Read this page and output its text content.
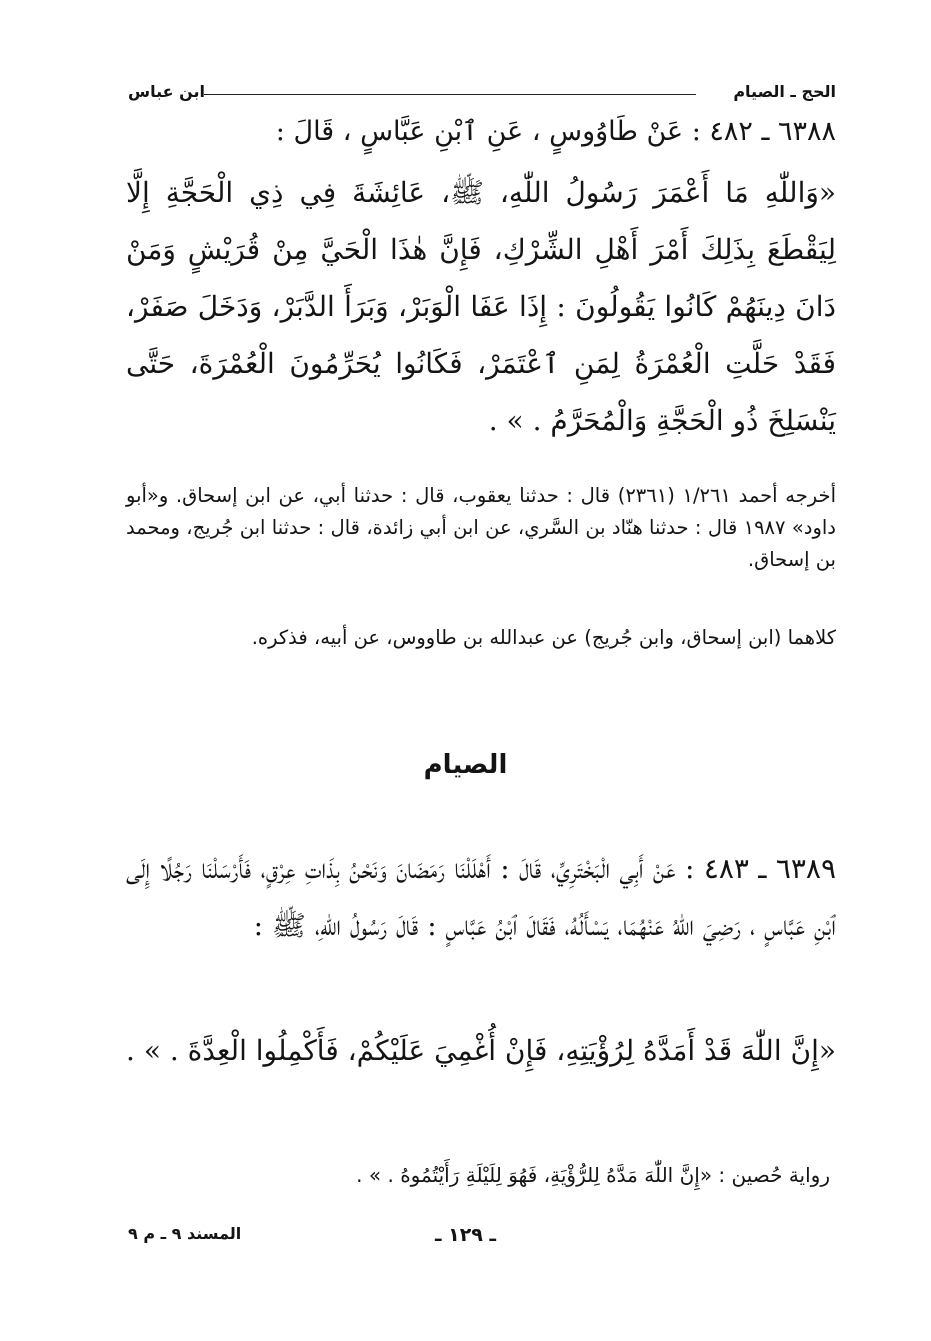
الحج ـ الصيام
ابن عباس
٦٣٨٨ ـ ٤٨٢ : عَنْ طَاوُوسٍ ، عَنِ ٱبْنِ عَبَّاسٍ ، قَالَ :
«وَاللّٰهِ مَا أَعْمَرَ رَسُولُ اللّٰهِ، ﷺ، عَائِشَةَ فِي ذِي الْحَجَّةِ إِلَّا لِيَقْطَعَ بِذَلِكَ أَمْرَ أَهْلِ الشِّرْكِ، فَإِنَّ هٰذَا الْحَيَّ مِنْ قُرَيْشٍ وَمَنْ دَانَ دِينَهُمْ كَانُوا يَقُولُونَ : إِذَا عَفَا الْوَبَرْ، وَبَرَأَ الدَّبَرْ، وَدَخَلَ صَفَرْ، فَقَدْ حَلَّتِ الْعُمْرَةُ لِمَنِ ٱعْتَمَرْ، فَكَانُوا يُحَرِّمُونَ الْعُمْرَةَ، حَتَّى يَنْسَلِخَ ذُو الْحَجَّةِ وَالْمُحَرَّمُ . » .
أخرجه أحمد ١/٢٦١ (٢٣٦١) قال : حدثنا يعقوب، قال : حدثنا أبي، عن ابن إسحاق. و«أبو داود» ١٩٨٧ قال : حدثنا هنّاد بن السَّري، عن ابن أبي زائدة، قال : حدثنا ابن جُريج، ومحمد بن إسحاق.
كلاهما (ابن إسحاق، وابن جُريج) عن عبدالله بن طاووس، عن أبيه، فذكره.
الصيام
٦٣٨٩ ـ ٤٨٣ : عَنْ أَبِي الْبَخْتَرِيِّ، قَالَ : أَهْلَلْنَا رَمَضَانَ وَنَحْنُ بِذَاتِ عِرْقٍ، فَأَرْسَلْنَا رَجُلًا إِلَى ٱبْنِ عَبَّاسٍ ، رَضِيَ اللّٰهُ عَنْهُمَا، يَسْأَلُهُ، فَقَالَ ٱبْنُ عَبَّاسٍ : قَالَ رَسُولُ اللّٰهِ، ﷺ :
«إِنَّ اللّٰهَ قَدْ أَمَدَّهُ لِرُؤْيَتِهِ، فَإِنْ أُغْمِيَ عَلَيْكُمْ، فَأَكْمِلُوا الْعِدَّةَ . » .
رواية حُصين : «إِنَّ اللّٰهَ مَدَّهُ لِلرُّؤْيَةِ، فَهُوَ لِلَيْلَةِ رَأَيْتُمُوهُ . » .
ـ ١٢٩ ـ
المسند ٩ ـ م ٩
